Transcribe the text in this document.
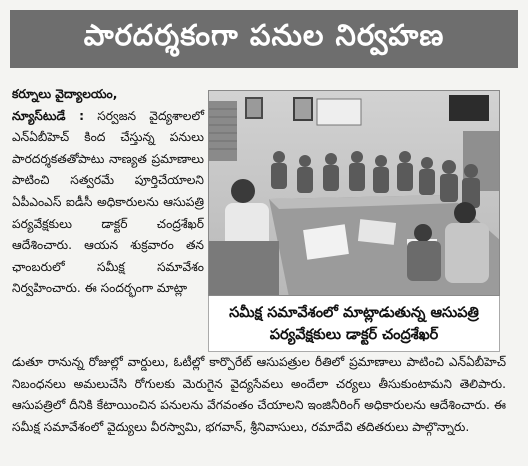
పారదర్శకంగా పనుల నిర్వహణ
కర్నూలు వైద్యాలయం,
న్యూస్‌టుడే : సర్వజన వైద్యశాలలో ఎన్‌ఏబీహెచ్ కింద చేస్తున్న పనులు పారదర్శకతతోపాటు నాణ్యత ప్రమాణాలు పాటించి సత్వరమే పూర్తిచేయాలని ఏపీఎంఎస్ ఐడీసీ అధికారులను ఆసుపత్రి పర్యవేక్షకులు డాక్టర్ చంద్రశేఖర్ ఆదేశించారు. ఆయన శుక్రవారం తన ఛాంబరులో సమీక్ష సమావేశం నిర్వహించారు. ఈ సందర్భంగా మాట్లా
సమీక్ష సమావేశంలో మాట్లాడుతున్న ఆసుపత్రి
పర్యవేక్షకులు డాక్టర్ చంద్రశేఖర్
డుతూ రానున్న రోజుల్లో వార్డులు, ఓటీల్లో కార్పొరేట్ ఆసుపత్రుల రీతిలో ప్రమాణాలు పాటించి ఎన్‌ఏబీహెచ్ నిబంధనలు అమలుచేసి రోగులకు మెరుగైన వైద్యసేవలు అందేలా చర్యలు తీసుకుంటామని తెలిపారు. ఆసుపత్రిలో దీనికి కేటాయించిన పనులను వేగవంతం చేయాలని ఇంజినీరింగ్ అధికారులను ఆదేశించారు. ఈ సమీక్ష సమావేశంలో వైద్యులు వీరస్వామి, భగవాన్, శ్రీనివాసులు, రమాదేవి తదితరులు పాల్గొన్నారు.
